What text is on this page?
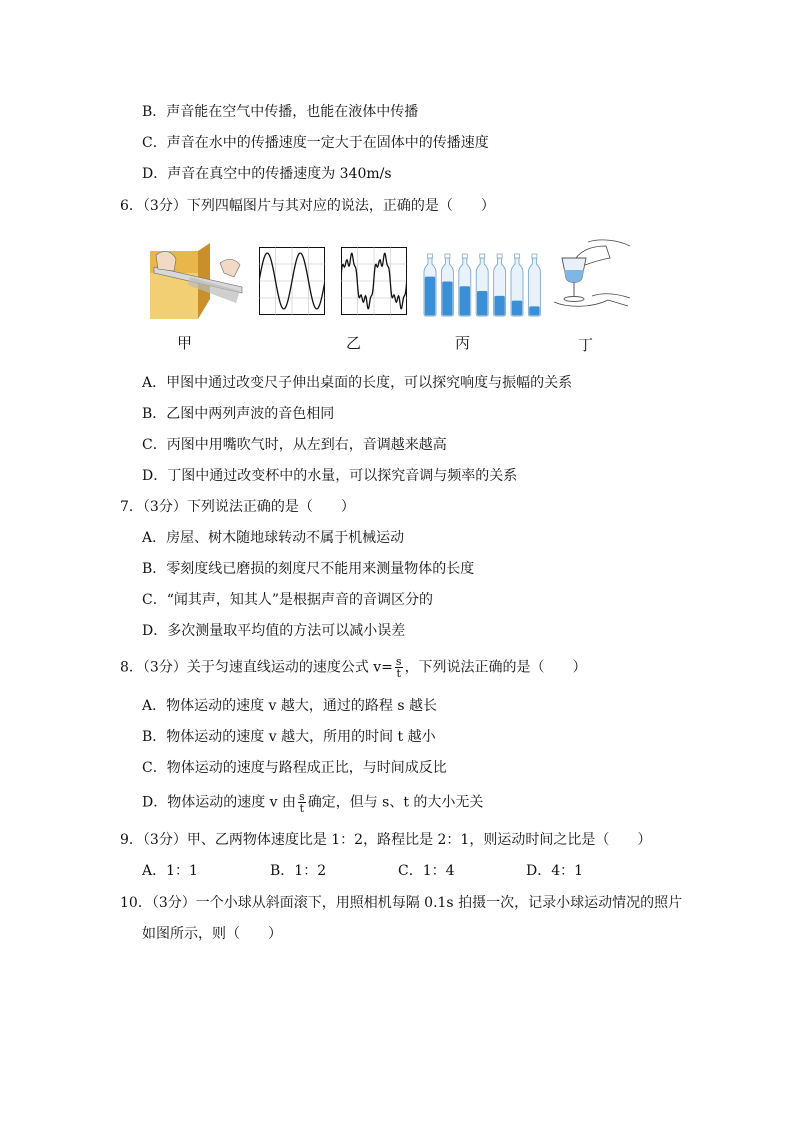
B．声音能在空气中传播，也能在液体中传播
C．声音在水中的传播速度一定大于在固体中的传播速度
D．声音在真空中的传播速度为 340m/s
6．（3分）下列四幅图片与其对应的说法，正确的是（　　）
甲	乙	丙	丁
A．甲图中通过改变尺子伸出桌面的长度，可以探究响度与振幅的关系
B．乙图中两列声波的音色相同
C．丙图中用嘴吹气时，从左到右，音调越来越高
D．丁图中通过改变杯中的水量，可以探究音调与频率的关系
7．（3分）下列说法正确的是（　　）
A．房屋、树木随地球转动不属于机械运动
B．零刻度线已磨损的刻度尺不能用来测量物体的长度
C．“闻其声，知其人”是根据声音的音调区分的
D．多次测量取平均值的方法可以减小误差
8．（3分）关于匀速直线运动的速度公式 $v= \frac{s}{t}$ ，下列说法正确的是（　　）
A．物体运动的速度 v 越大，通过的路程 s 越长
B．物体运动的速度 v 越大，所用的时间 t 越小
C．物体运动的速度与路程成正比，与时间成反比
D．物体运动的速度 v 由 $\frac{s}{t}$ 确定，但与 s、t 的大小无关
9．（3分）甲、乙两物体速度比是 1：2，路程比是 2：1，则运动时间之比是（　　）
A．1：1	B．1：2	C．1：4	D．4：1
10．（3分）一个小球从斜面滚下，用照相机每隔 0.1s 拍摄一次，记录小球运动情况的照片
如图所示，则（　　）
